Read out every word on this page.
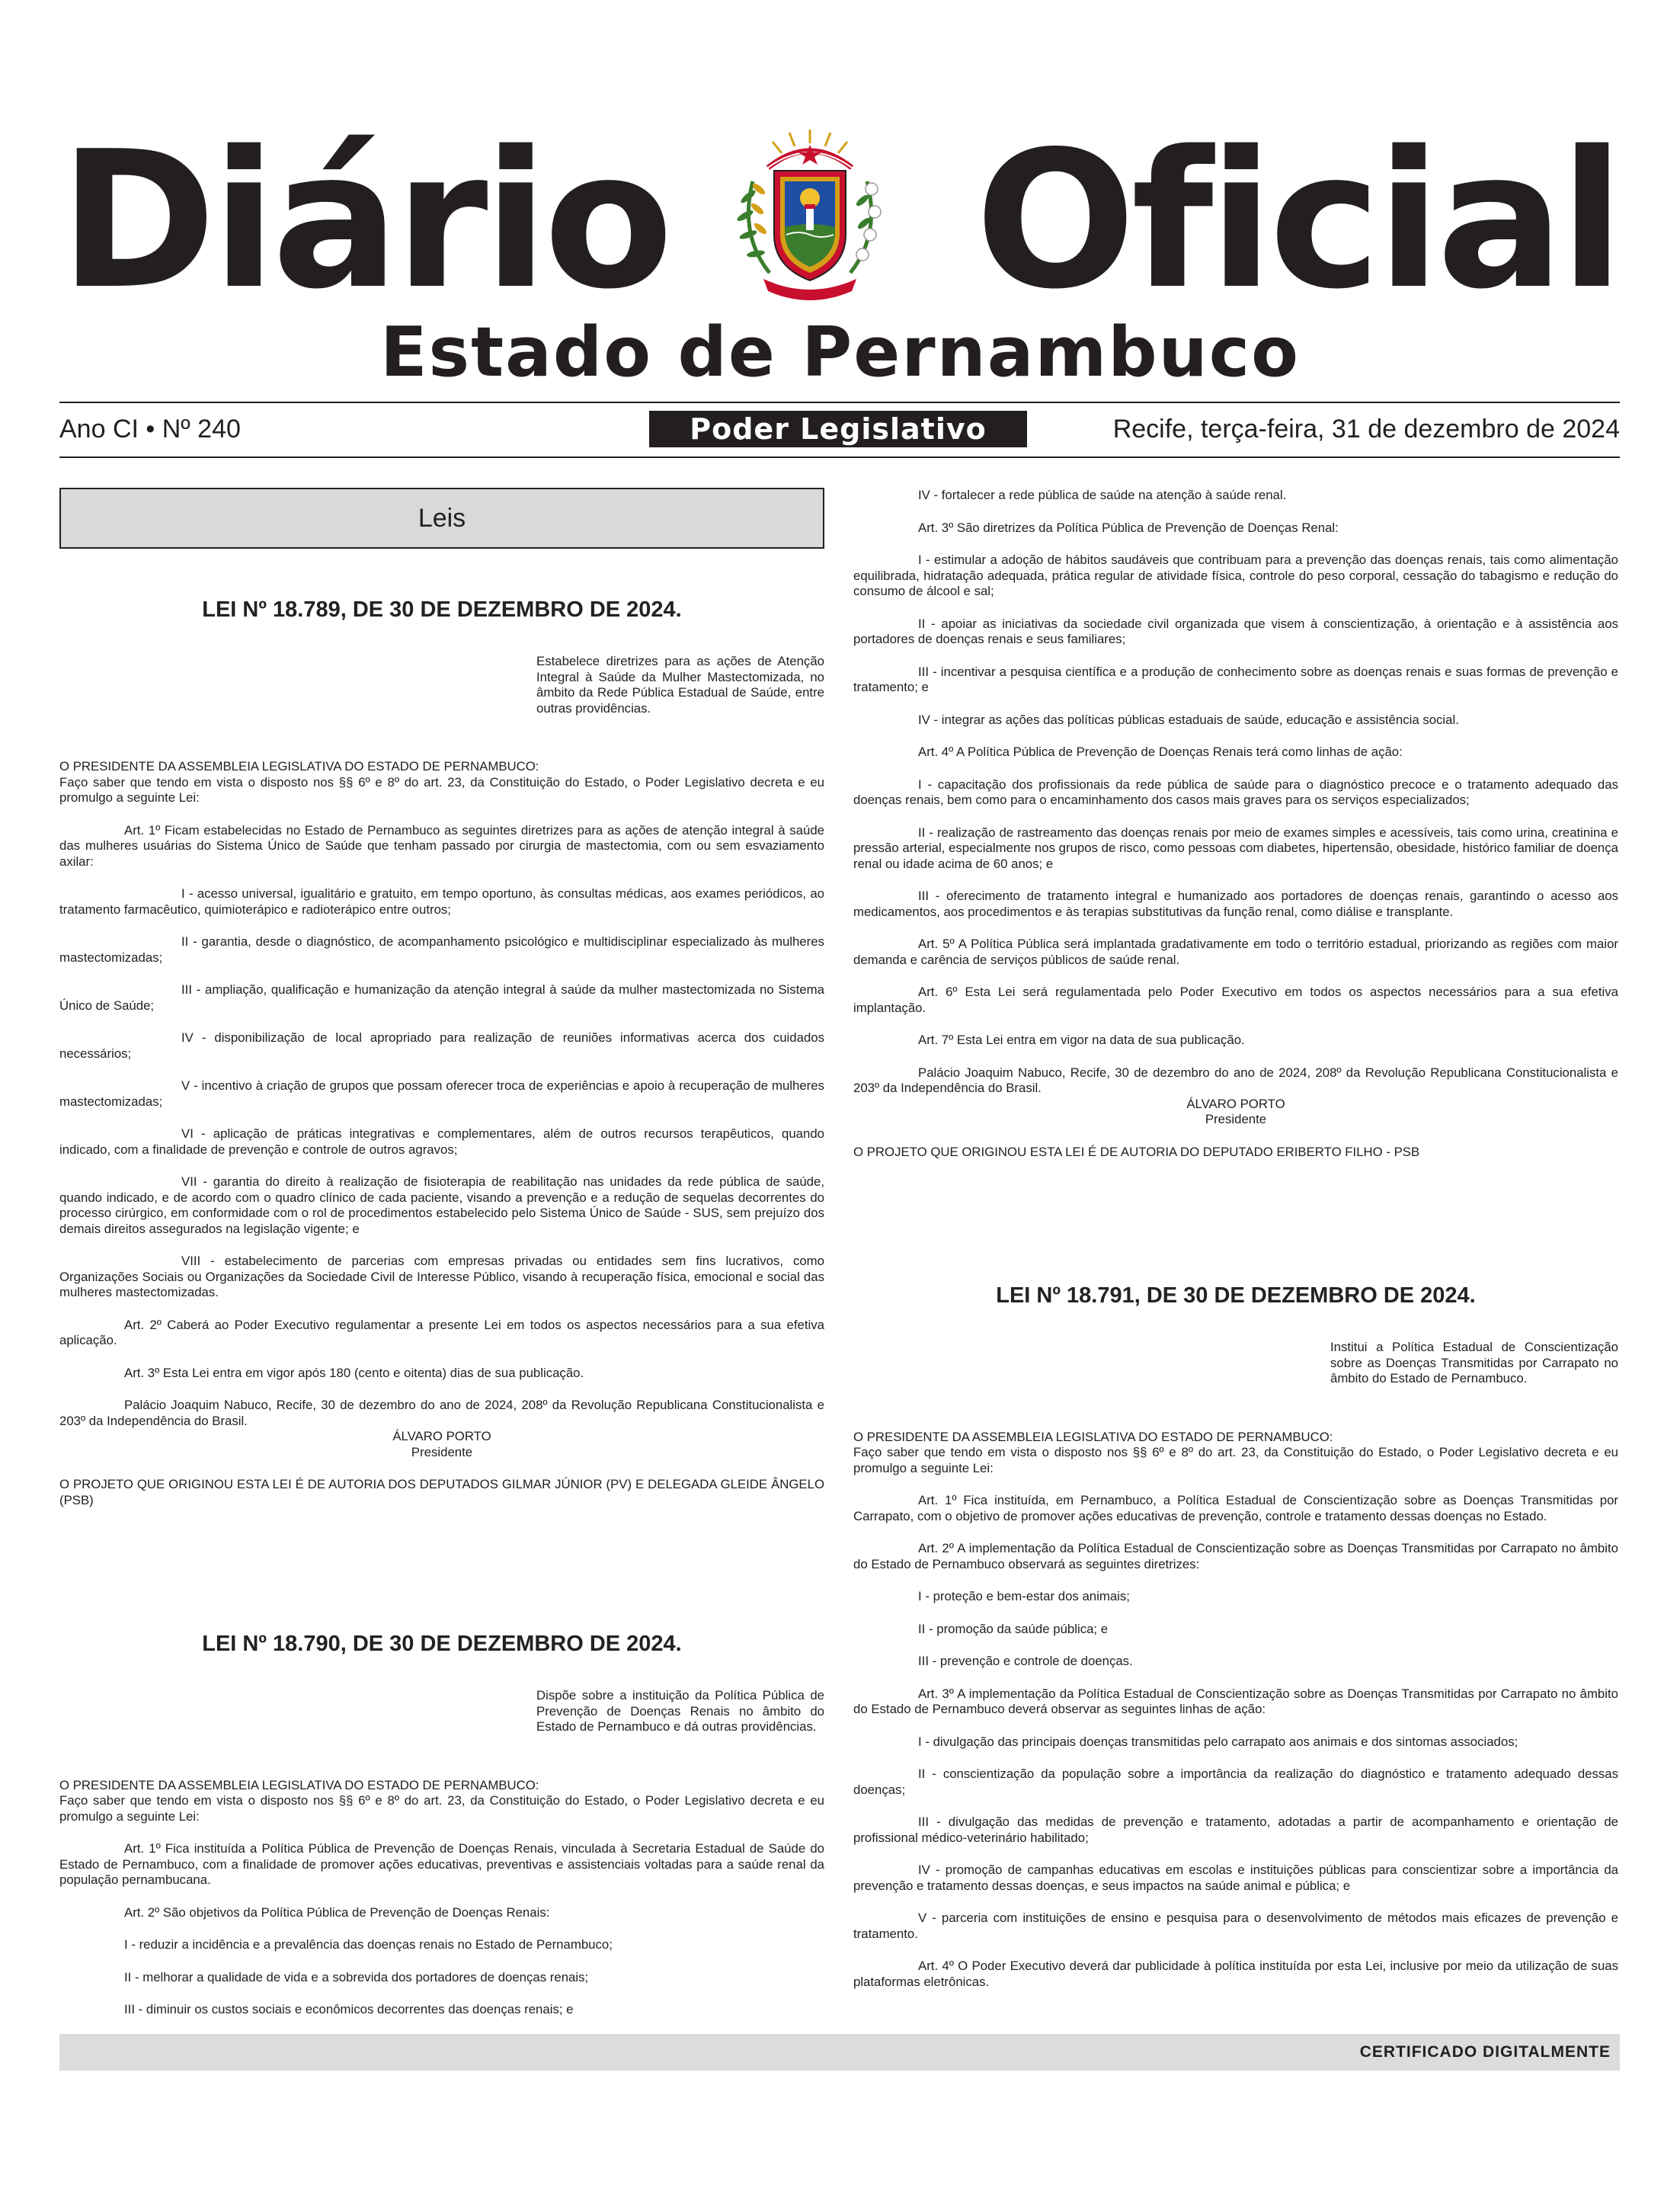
Diário Oficial
Estado de Pernambuco
Ano CI • Nº 240	Poder Legislativo	Recife, terça-feira, 31 de dezembro de 2024
Leis
LEI Nº 18.789, DE 30 DE DEZEMBRO DE 2024.
Estabelece diretrizes para as ações de Atenção Integral à Saúde da Mulher Mastectomizada, no âmbito da Rede Pública Estadual de Saúde, entre outras providências.
O PRESIDENTE DA ASSEMBLEIA LEGISLATIVA DO ESTADO DE PERNAMBUCO:
Faço saber que tendo em vista o disposto nos §§ 6º e 8º do art. 23, da Constituição do Estado, o Poder Legislativo decreta e eu promulgo a seguinte Lei:

Art. 1º Ficam estabelecidas no Estado de Pernambuco as seguintes diretrizes para as ações de atenção integral à saúde das mulheres usuárias do Sistema Único de Saúde que tenham passado por cirurgia de mastectomia, com ou sem esvaziamento axilar:

I - acesso universal, igualitário e gratuito, em tempo oportuno, às consultas médicas, aos exames periódicos, ao tratamento farmacêutico, quimioterápico e radioterápico entre outros;

II - garantia, desde o diagnóstico, de acompanhamento psicológico e multidisciplinar especializado às mulheres mastectomizadas;

III - ampliação, qualificação e humanização da atenção integral à saúde da mulher mastectomizada no Sistema Único de Saúde;

IV - disponibilização de local apropriado para realização de reuniões informativas acerca dos cuidados necessários;

V - incentivo à criação de grupos que possam oferecer troca de experiências e apoio à recuperação de mulheres mastectomizadas;

VI - aplicação de práticas integrativas e complementares, além de outros recursos terapêuticos, quando indicado, com a finalidade de prevenção e controle de outros agravos;

VII - garantia do direito à realização de fisioterapia de reabilitação nas unidades da rede pública de saúde, quando indicado, e de acordo com o quadro clínico de cada paciente, visando a prevenção e a redução de sequelas decorrentes do processo cirúrgico, em conformidade com o rol de procedimentos estabelecido pelo Sistema Único de Saúde - SUS, sem prejuízo dos demais direitos assegurados na legislação vigente; e

VIII - estabelecimento de parcerias com empresas privadas ou entidades sem fins lucrativos, como Organizações Sociais ou Organizações da Sociedade Civil de Interesse Público, visando à recuperação física, emocional e social das mulheres mastectomizadas.

Art. 2º Caberá ao Poder Executivo regulamentar a presente Lei em todos os aspectos necessários para a sua efetiva aplicação.

Art. 3º Esta Lei entra em vigor após 180 (cento e oitenta) dias de sua publicação.

Palácio Joaquim Nabuco, Recife, 30 de dezembro do ano de 2024, 208º da Revolução Republicana Constitucionalista e 203º da Independência do Brasil.

ÁLVARO PORTO

Presidente

O PROJETO QUE ORIGINOU ESTA LEI É DE AUTORIA DOS DEPUTADOS GILMAR JÚNIOR (PV) E DELEGADA GLEIDE ÂNGELO (PSB)

LEI Nº 18.790, DE 30 DE DEZEMBRO DE 2024.
Dispõe sobre a instituição da Política Pública de Prevenção de Doenças Renais no âmbito do Estado de Pernambuco e dá outras providências.
O PRESIDENTE DA ASSEMBLEIA LEGISLATIVA DO ESTADO DE PERNAMBUCO:
Faço saber que tendo em vista o disposto nos §§ 6º e 8º do art. 23, da Constituição do Estado, o Poder Legislativo decreta e eu promulgo a seguinte Lei:

Art. 1º Fica instituída a Política Pública de Prevenção de Doenças Renais, vinculada à Secretaria Estadual de Saúde do Estado de Pernambuco, com a finalidade de promover ações educativas, preventivas e assistenciais voltadas para a saúde renal da população pernambucana.

Art. 2º São objetivos da Política Pública de Prevenção de Doenças Renais:

I - reduzir a incidência e a prevalência das doenças renais no Estado de Pernambuco;

II - melhorar a qualidade de vida e a sobrevida dos portadores de doenças renais;

III - diminuir os custos sociais e econômicos decorrentes das doenças renais; e

IV - fortalecer a rede pública de saúde na atenção à saúde renal.

Art. 3º São diretrizes da Política Pública de Prevenção de Doenças Renal:

I - estimular a adoção de hábitos saudáveis que contribuam para a prevenção das doenças renais, tais como alimentação equilibrada, hidratação adequada, prática regular de atividade física, controle do peso corporal, cessação do tabagismo e redução do consumo de álcool e sal;

II - apoiar as iniciativas da sociedade civil organizada que visem à conscientização, à orientação e à assistência aos portadores de doenças renais e seus familiares;

III - incentivar a pesquisa científica e a produção de conhecimento sobre as doenças renais e suas formas de prevenção e tratamento; e

IV - integrar as ações das políticas públicas estaduais de saúde, educação e assistência social.

Art. 4º A Política Pública de Prevenção de Doenças Renais terá como linhas de ação:

I - capacitação dos profissionais da rede pública de saúde para o diagnóstico precoce e o tratamento adequado das doenças renais, bem como para o encaminhamento dos casos mais graves para os serviços especializados;

II - realização de rastreamento das doenças renais por meio de exames simples e acessíveis, tais como urina, creatinina e pressão arterial, especialmente nos grupos de risco, como pessoas com diabetes, hipertensão, obesidade, histórico familiar de doença renal ou idade acima de 60 anos; e

III - oferecimento de tratamento integral e humanizado aos portadores de doenças renais, garantindo o acesso aos medicamentos, aos procedimentos e às terapias substitutivas da função renal, como diálise e transplante.

Art. 5º A Política Pública será implantada gradativamente em todo o território estadual, priorizando as regiões com maior demanda e carência de serviços públicos de saúde renal.

Art. 6º Esta Lei será regulamentada pelo Poder Executivo em todos os aspectos necessários para a sua efetiva implantação.

Art. 7º Esta Lei entra em vigor na data de sua publicação.

Palácio Joaquim Nabuco, Recife, 30 de dezembro do ano de 2024, 208º da Revolução Republicana Constitucionalista e 203º da Independência do Brasil.

ÁLVARO PORTO

Presidente

O PROJETO QUE ORIGINOU ESTA LEI É DE AUTORIA DO DEPUTADO ERIBERTO FILHO - PSB

LEI Nº 18.791, DE 30 DE DEZEMBRO DE 2024.
Institui a Política Estadual de Conscientização sobre as Doenças Transmitidas por Carrapato no âmbito do Estado de Pernambuco.
O PRESIDENTE DA ASSEMBLEIA LEGISLATIVA DO ESTADO DE PERNAMBUCO:
Faço saber que tendo em vista o disposto nos §§ 6º e 8º do art. 23, da Constituição do Estado, o Poder Legislativo decreta e eu promulgo a seguinte Lei:

Art. 1º Fica instituída, em Pernambuco, a Política Estadual de Conscientização sobre as Doenças Transmitidas por Carrapato, com o objetivo de promover ações educativas de prevenção, controle e tratamento dessas doenças no Estado.

Art. 2º A implementação da Política Estadual de Conscientização sobre as Doenças Transmitidas por Carrapato no âmbito do Estado de Pernambuco observará as seguintes diretrizes:

I - proteção e bem-estar dos animais;

II - promoção da saúde pública; e

III - prevenção e controle de doenças.

Art. 3º A implementação da Política Estadual de Conscientização sobre as Doenças Transmitidas por Carrapato no âmbito do Estado de Pernambuco deverá observar as seguintes linhas de ação:

I - divulgação das principais doenças transmitidas pelo carrapato aos animais e dos sintomas associados;

II - conscientização da população sobre a importância da realização do diagnóstico e tratamento adequado dessas doenças;

III - divulgação das medidas de prevenção e tratamento, adotadas a partir de acompanhamento e orientação de profissional médico-veterinário habilitado;

IV - promoção de campanhas educativas em escolas e instituições públicas para conscientizar sobre a importância da prevenção e tratamento dessas doenças, e seus impactos na saúde animal e pública; e

V - parceria com instituições de ensino e pesquisa para o desenvolvimento de métodos mais eficazes de prevenção e tratamento.

Art. 4º O Poder Executivo deverá dar publicidade à política instituída por esta Lei, inclusive por meio da utilização de suas plataformas eletrônicas.

CERTIFICADO DIGITALMENTE
